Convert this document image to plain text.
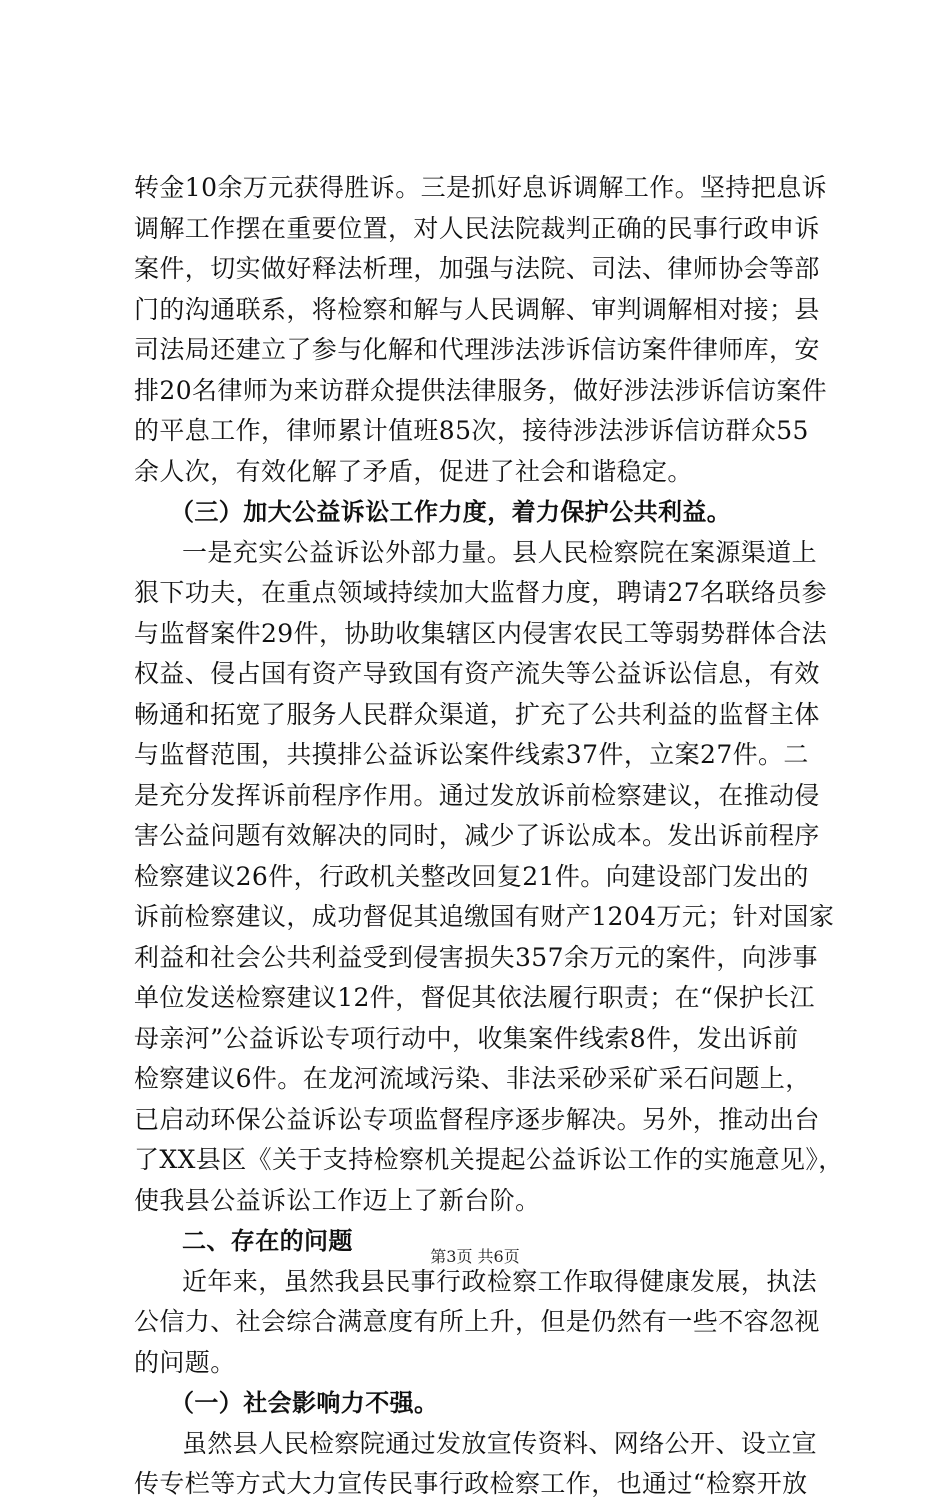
转金10余万元获得胜诉。三是抓好息诉调解工作。坚持把息诉
调解工作摆在重要位置，对人民法院裁判正确的民事行政申诉
案件，切实做好释法析理，加强与法院、司法、律师协会等部
门的沟通联系，将检察和解与人民调解、审判调解相对接；县
司法局还建立了参与化解和代理涉法涉诉信访案件律师库，安
排20名律师为来访群众提供法律服务，做好涉法涉诉信访案件
的平息工作，律师累计值班85次，接待涉法涉诉信访群众55
余人次，有效化解了矛盾，促进了社会和谐稳定。
（三）加大公益诉讼工作力度，着力保护公共利益。
一是充实公益诉讼外部力量。县人民检察院在案源渠道上
狠下功夫，在重点领域持续加大监督力度，聘请27名联络员参
与监督案件29件，协助收集辖区内侵害农民工等弱势群体合法
权益、侵占国有资产导致国有资产流失等公益诉讼信息，有效
畅通和拓宽了服务人民群众渠道，扩充了公共利益的监督主体
与监督范围，共摸排公益诉讼案件线索37件，立案27件。二
是充分发挥诉前程序作用。通过发放诉前检察建议，在推动侵
害公益问题有效解决的同时，减少了诉讼成本。发出诉前程序
检察建议26件，行政机关整改回复21件。向建设部门发出的
诉前检察建议，成功督促其追缴国有财产1204万元；针对国家
利益和社会公共利益受到侵害损失357余万元的案件，向涉事
单位发送检察建议12件，督促其依法履行职责；在“保护长江
母亲河”公益诉讼专项行动中，收集案件线索8件，发出诉前
检察建议6件。在龙河流域污染、非法采砂采矿采石问题上，
已启动环保公益诉讼专项监督程序逐步解决。另外，推动出台
了XX县区《关于支持检察机关提起公益诉讼工作的实施意见》，
使我县公益诉讼工作迈上了新台阶。
二、存在的问题
近年来，虽然我县民事行政检察工作取得健康发展，执法
公信力、社会综合满意度有所上升，但是仍然有一些不容忽视
的问题。
（一）社会影响力不强。
虽然县人民检察院通过发放宣传资料、网络公开、设立宣
传专栏等方式大力宣传民事行政检察工作，也通过“检察开放
第3页 共6页
